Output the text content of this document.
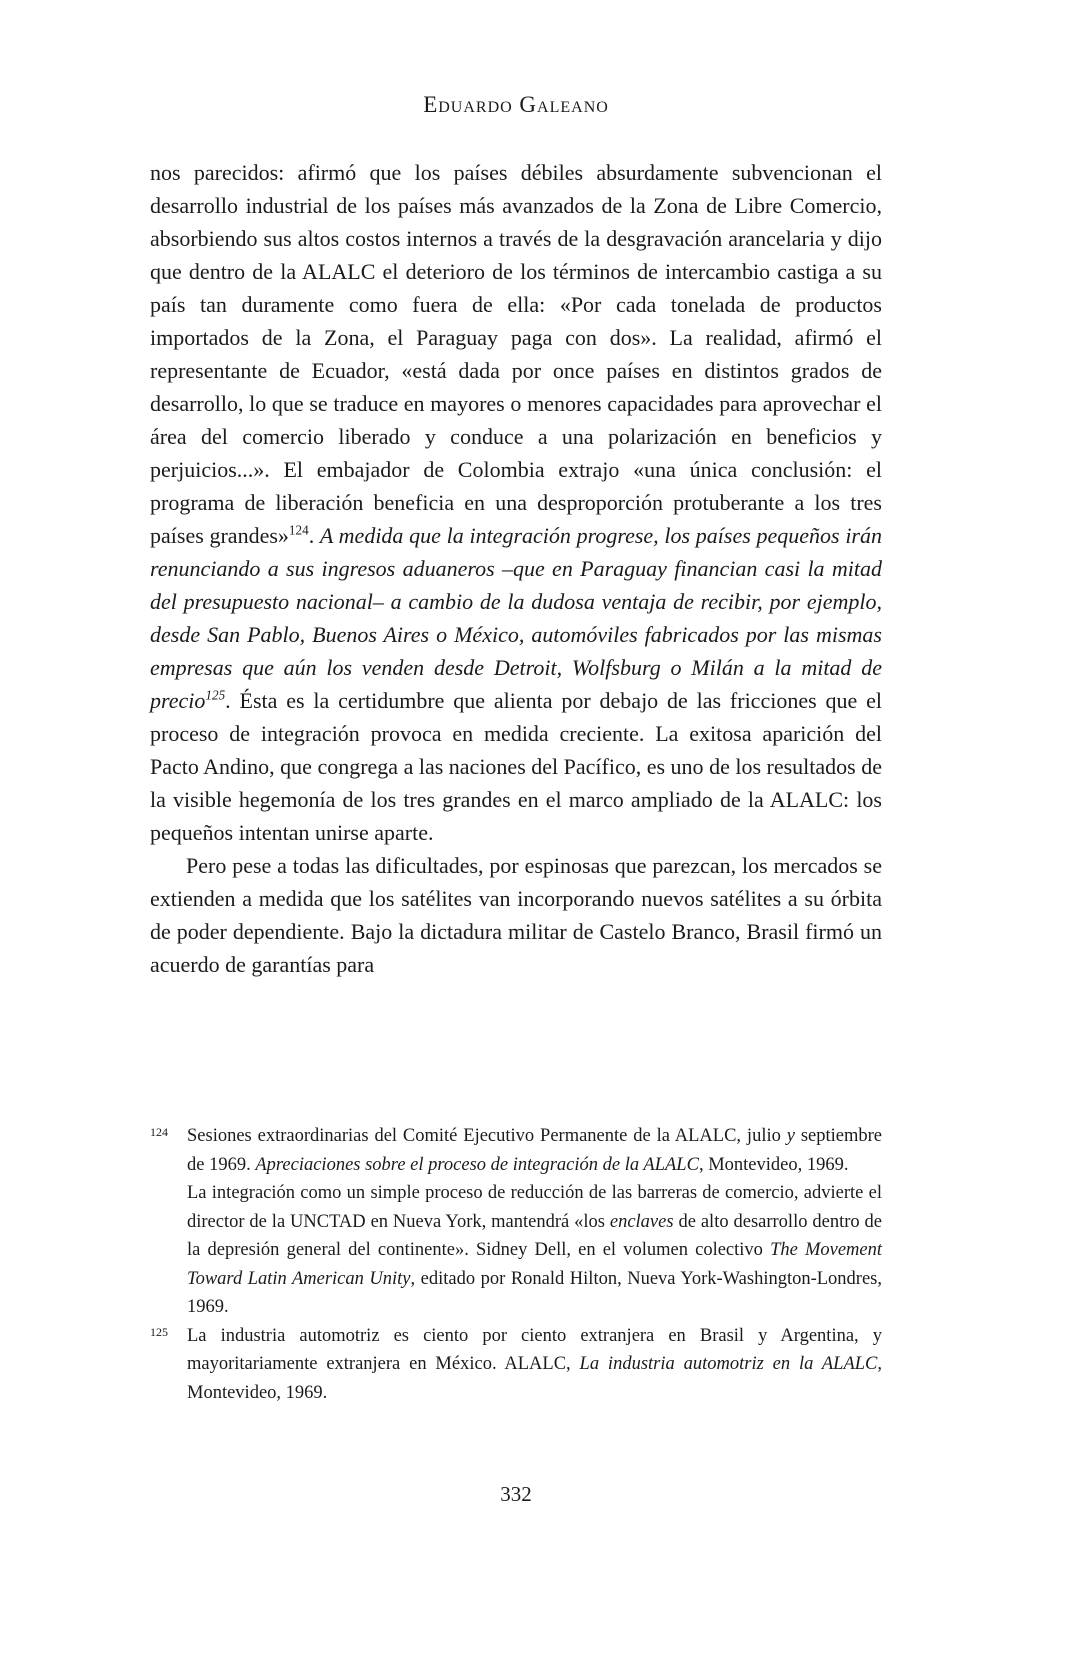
Eduardo Galeano

nos parecidos: afirmó que los países débiles absurdamente subvencionan el desarrollo industrial de los países más avanzados de la Zona de Libre Comercio, absorbiendo sus altos costos internos a través de la desgravación arancelaria y dijo que dentro de la ALALC el deterioro de los términos de intercambio castiga a su país tan duramente como fuera de ella: «Por cada tonelada de productos importados de la Zona, el Paraguay paga con dos». La realidad, afirmó el representante de Ecuador, «está dada por once países en distintos grados de desarrollo, lo que se traduce en mayores o menores capacidades para aprovechar el área del comercio liberado y conduce a una polarización en beneficios y perjuicios...». El embajador de Colombia extrajo «una única conclusión: el programa de liberación beneficia en una desproporción protuberante a los tres países grandes»$^{124}$. A medida que la integración progrese, los países pequeños irán renunciando a sus ingresos aduaneros –que en Paraguay financian casi la mitad del presupuesto nacional– a cambio de la dudosa ventaja de recibir, por ejemplo, desde San Pablo, Buenos Aires o México, automóviles fabricados por las mismas empresas que aún los venden desde Detroit, Wolfsburg o Milán a la mitad de precio$^{125}$. Ésta es la certidumbre que alienta por debajo de las fricciones que el proceso de integración provoca en medida creciente. La exitosa aparición del Pacto Andino, que congrega a las naciones del Pacífico, es uno de los resultados de la visible hegemonía de los tres grandes en el marco ampliado de la ALALC: los pequeños intentan unirse aparte.

Pero pese a todas las dificultades, por espinosas que parezcan, los mercados se extienden a medida que los satélites van incorporando nuevos satélites a su órbita de poder dependiente. Bajo la dictadura militar de Castelo Branco, Brasil firmó un acuerdo de garantías para

124 Sesiones extraordinarias del Comité Ejecutivo Permanente de la ALALC, julio y septiembre de 1969. Apreciaciones sobre el proceso de integración de la ALALC, Montevideo, 1969.

La integración como un simple proceso de reducción de las barreras de comercio, advierte el director de la UNCTAD en Nueva York, mantendrá «los enclaves de alto desarrollo dentro de la depresión general del continente». Sidney Dell, en el volumen colectivo The Movement Toward Latin American Unity, editado por Ronald Hilton, Nueva York-Washington-Londres, 1969.

125 La industria automotriz es ciento por ciento extranjera en Brasil y Argentina, y mayoritariamente extranjera en México. ALALC, La industria automotriz en la ALALC, Montevideo, 1969.

332
